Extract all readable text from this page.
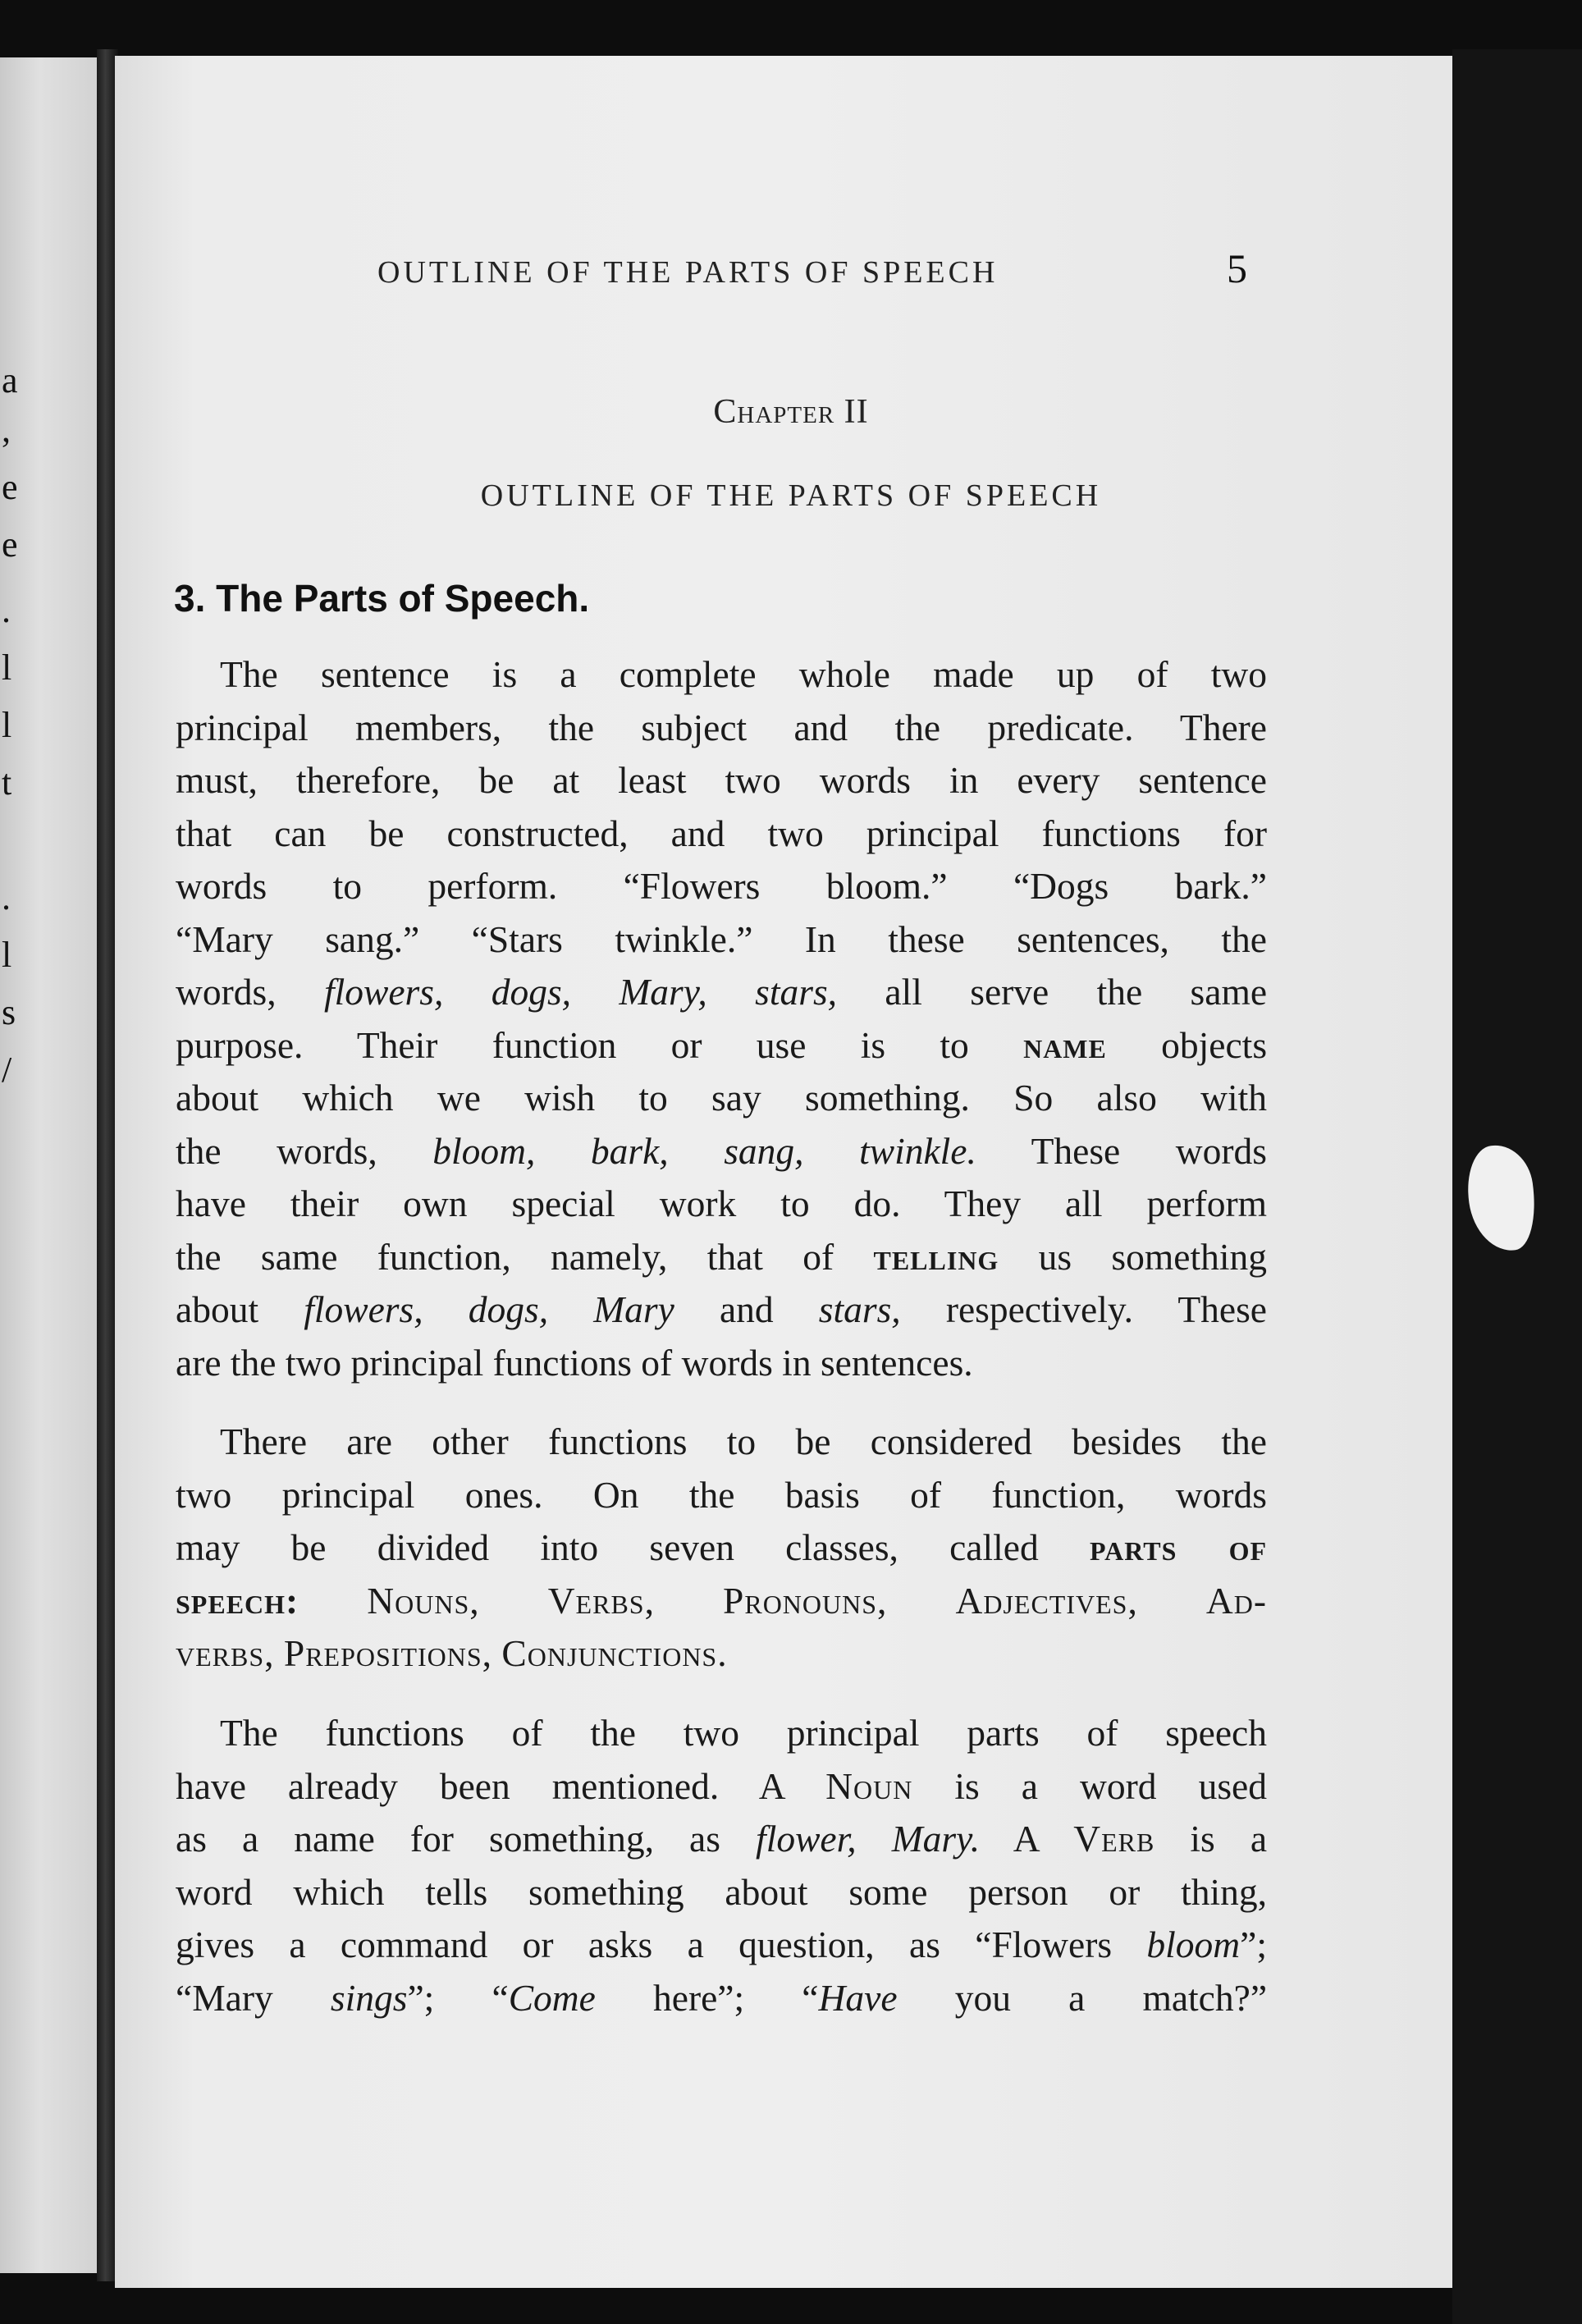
a
,
e
e
.
l
l
t
.
l
s
/
OUTLINE OF THE PARTS OF SPEECH	5
Chapter II
OUTLINE OF THE PARTS OF SPEECH
3. The Parts of Speech.
The sentence is a complete whole made up of two
principal members, the subject and the predicate. There
must, therefore, be at least two words in every sentence
that can be constructed, and two principal functions for
words to perform. “Flowers bloom.” “Dogs bark.”
“Mary sang.” “Stars twinkle.” In these sentences, the
words, flowers, dogs, Mary, stars, all serve the same
purpose. Their function or use is to name objects
about which we wish to say something. So also with
the words, bloom, bark, sang, twinkle. These words
have their own special work to do. They all perform
the same function, namely, that of telling us something
about flowers, dogs, Mary and stars, respectively. These
are the two principal functions of words in sentences.
There are other functions to be considered besides the
two principal ones. On the basis of function, words
may be divided into seven classes, called parts of
speech: Nouns, Verbs, Pronouns, Adjectives, Ad-
verbs, Prepositions, Conjunctions.
The functions of the two principal parts of speech
have already been mentioned. A Noun is a word used
as a name for something, as flower, Mary. A Verb is a
word which tells something about some person or thing,
gives a command or asks a question, as “Flowers bloom”;
“Mary sings”; “Come here”; “Have you a match?”
